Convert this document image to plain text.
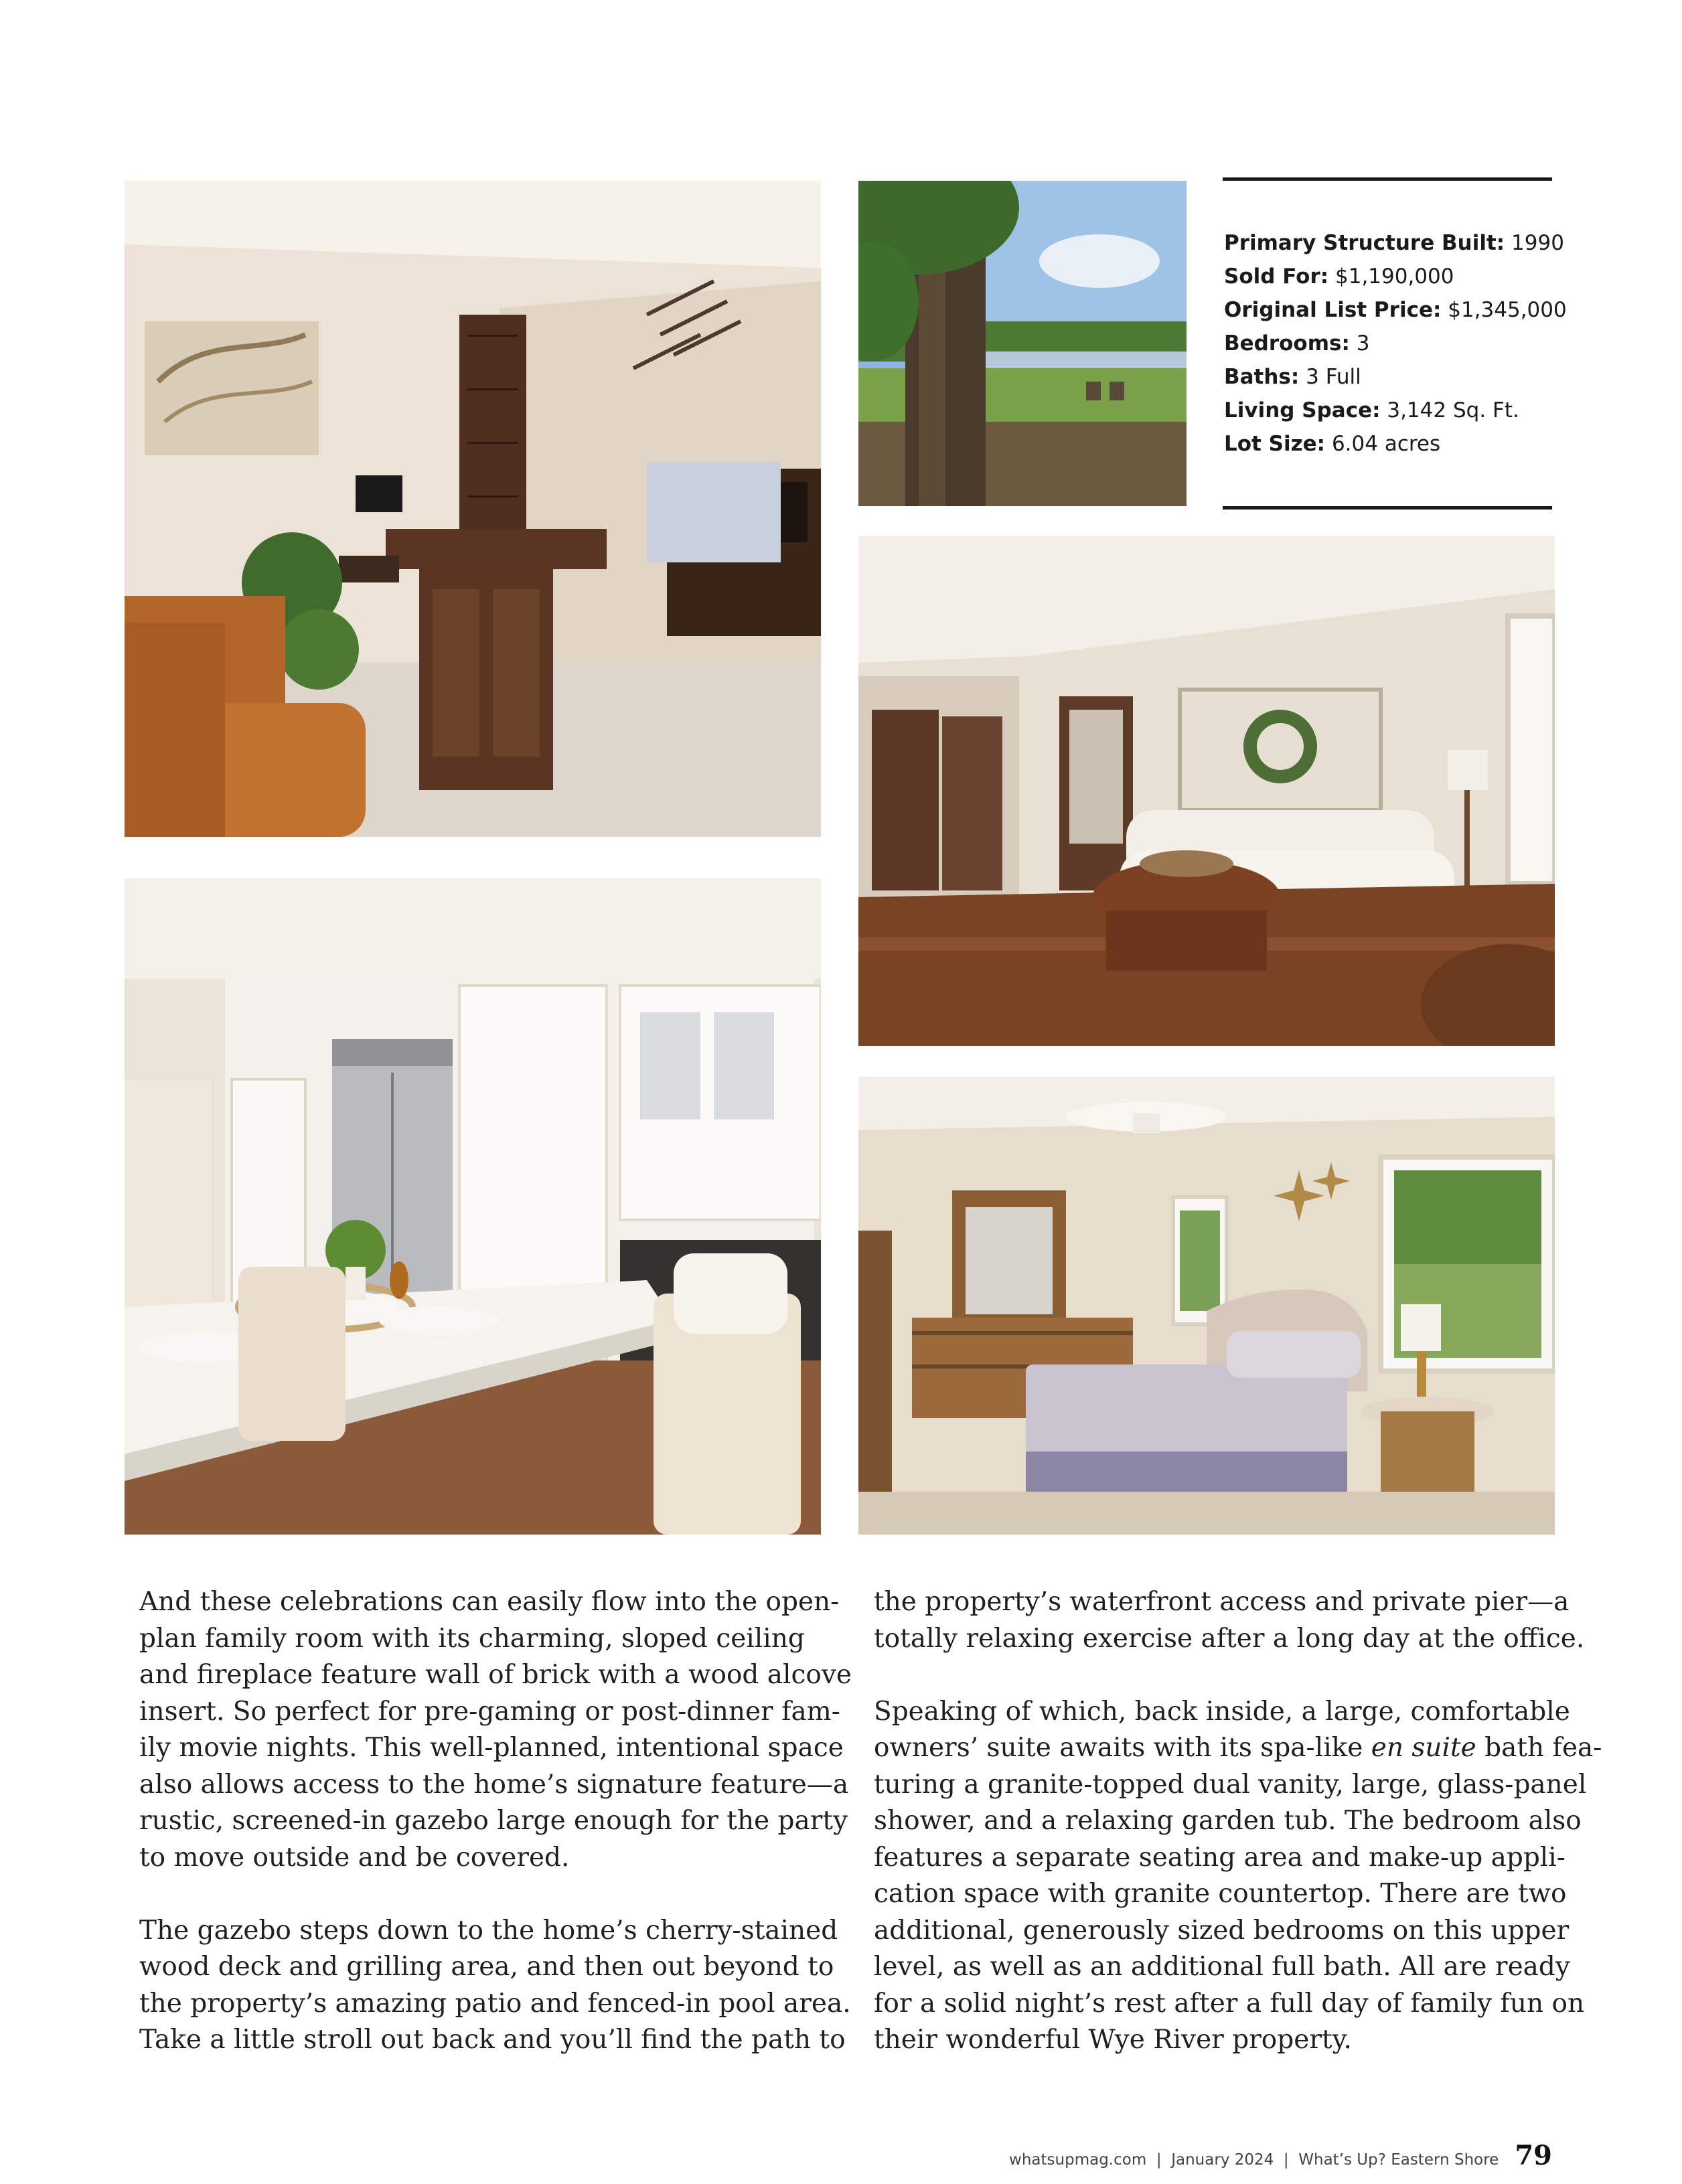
Primary Structure Built: 1990
Sold For: $1,190,000
Original List Price: $1,345,000
Bedrooms: 3
Baths: 3 Full
Living Space: 3,142 Sq. Ft.
Lot Size: 6.04 acres

And these celebrations can easily flow into the open-
plan family room with its charming, sloped ceiling
and fireplace feature wall of brick with a wood alcove
insert. So perfect for pre-gaming or post-dinner fam-
ily movie nights. This well-planned, intentional space
also allows access to the home’s signature feature—a
rustic, screened-in gazebo large enough for the party
to move outside and be covered.

The gazebo steps down to the home’s cherry-stained
wood deck and grilling area, and then out beyond to
the property’s amazing patio and fenced-in pool area.
Take a little stroll out back and you’ll find the path to

the property’s waterfront access and private pier—a
totally relaxing exercise after a long day at the office.

Speaking of which, back inside, a large, comfortable
owners’ suite awaits with its spa-like en suite bath fea-
turing a granite-topped dual vanity, large, glass-panel
shower, and a relaxing garden tub. The bedroom also
features a separate seating area and make-up appli-
cation space with granite countertop. There are two
additional, generously sized bedrooms on this upper
level, as well as an additional full bath. All are ready
for a solid night’s rest after a full day of family fun on
their wonderful Wye River property.

whatsupmag.com  |  January 2024  |  What’s Up? Eastern Shore 79
